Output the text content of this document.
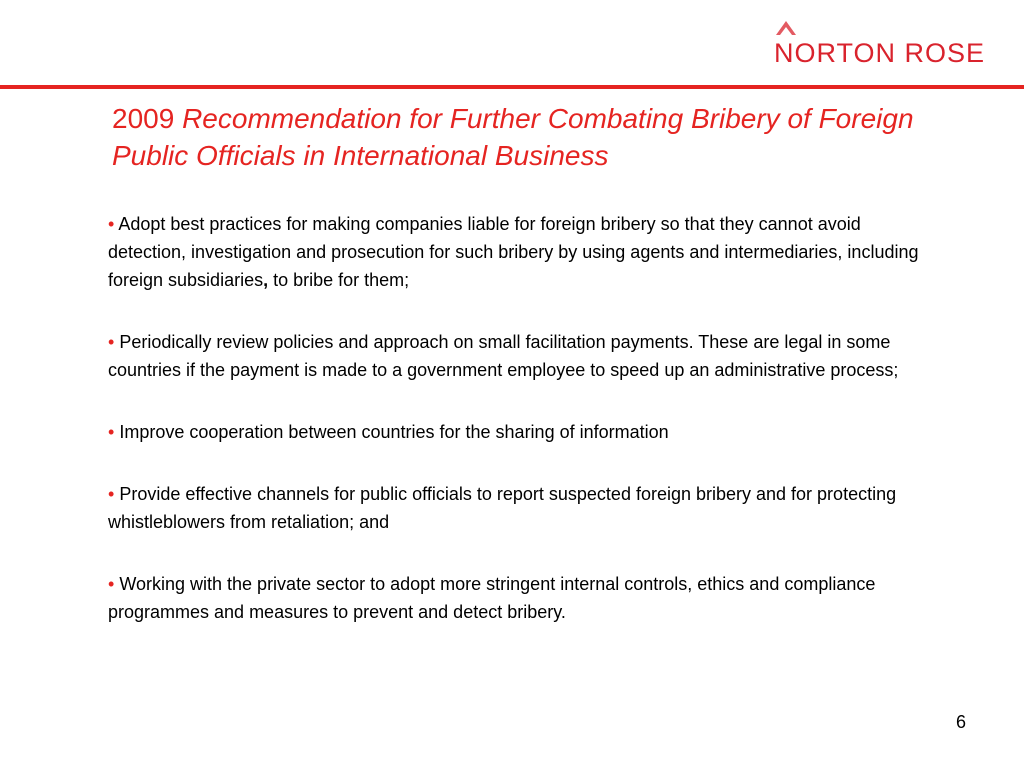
NORTON ROSE
2009 Recommendation for Further Combating Bribery of Foreign Public Officials in International Business
• Adopt best practices for making companies liable for foreign bribery so that they cannot avoid detection, investigation and prosecution for such bribery by using agents and intermediaries, including foreign subsidiaries, to bribe for them;
• Periodically review policies and approach on small facilitation payments. These are legal in some countries if the payment is made to a government employee to speed up an administrative process;
• Improve cooperation between countries for the sharing of information
• Provide effective channels for public officials to report suspected foreign bribery and for protecting whistleblowers from retaliation; and
• Working with the private sector to adopt more stringent internal controls, ethics and compliance programmes and measures to prevent and detect bribery.
6
